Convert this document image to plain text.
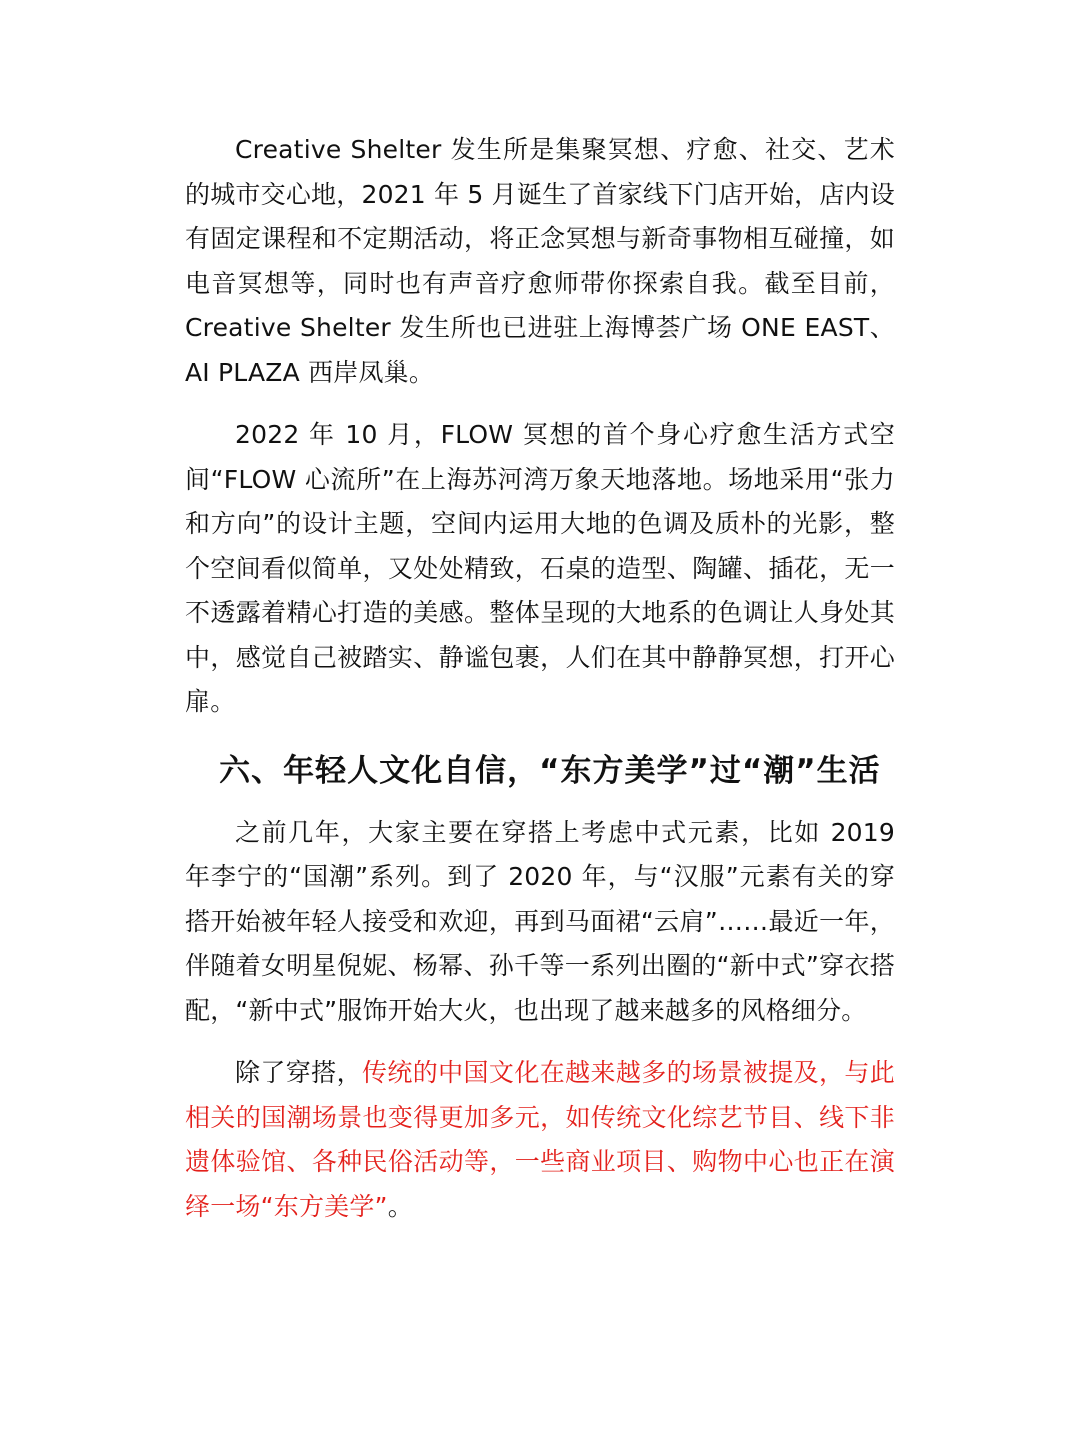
Creative Shelter 发生所是集聚冥想、疗愈、社交、艺术的城市交心地，2021 年 5 月诞生了首家线下门店开始，店内设有固定课程和不定期活动，将正念冥想与新奇事物相互碰撞，如电音冥想等，同时也有声音疗愈师带你探索自我。截至目前，Creative Shelter 发生所也已进驻上海博荟广场 ONE EAST、AI PLAZA 西岸凤巢。

2022 年 10 月，FLOW 冥想的首个身心疗愈生活方式空间“FLOW 心流所”在上海苏河湾万象天地落地。场地采用“张力和方向”的设计主题，空间内运用大地的色调及质朴的光影，整个空间看似简单，又处处精致，石桌的造型、陶罐、插花，无一不透露着精心打造的美感。整体呈现的大地系的色调让人身处其中，感觉自己被踏实、静谧包裹，人们在其中静静冥想，打开心扉。

六、年轻人文化自信，“东方美学”过“潮”生活

之前几年，大家主要在穿搭上考虑中式元素，比如 2019 年李宁的“国潮”系列。到了 2020 年，与“汉服”元素有关的穿搭开始被年轻人接受和欢迎，再到马面裙“云肩”……最近一年，伴随着女明星倪妮、杨幂、孙千等一系列出圈的“新中式”穿衣搭配，“新中式”服饰开始大火，也出现了越来越多的风格细分。

除了穿搭，传统的中国文化在越来越多的场景被提及，与此相关的国潮场景也变得更加多元，如传统文化综艺节目、线下非遗体验馆、各种民俗活动等，一些商业项目、购物中心也正在演绎一场“东方美学”。
